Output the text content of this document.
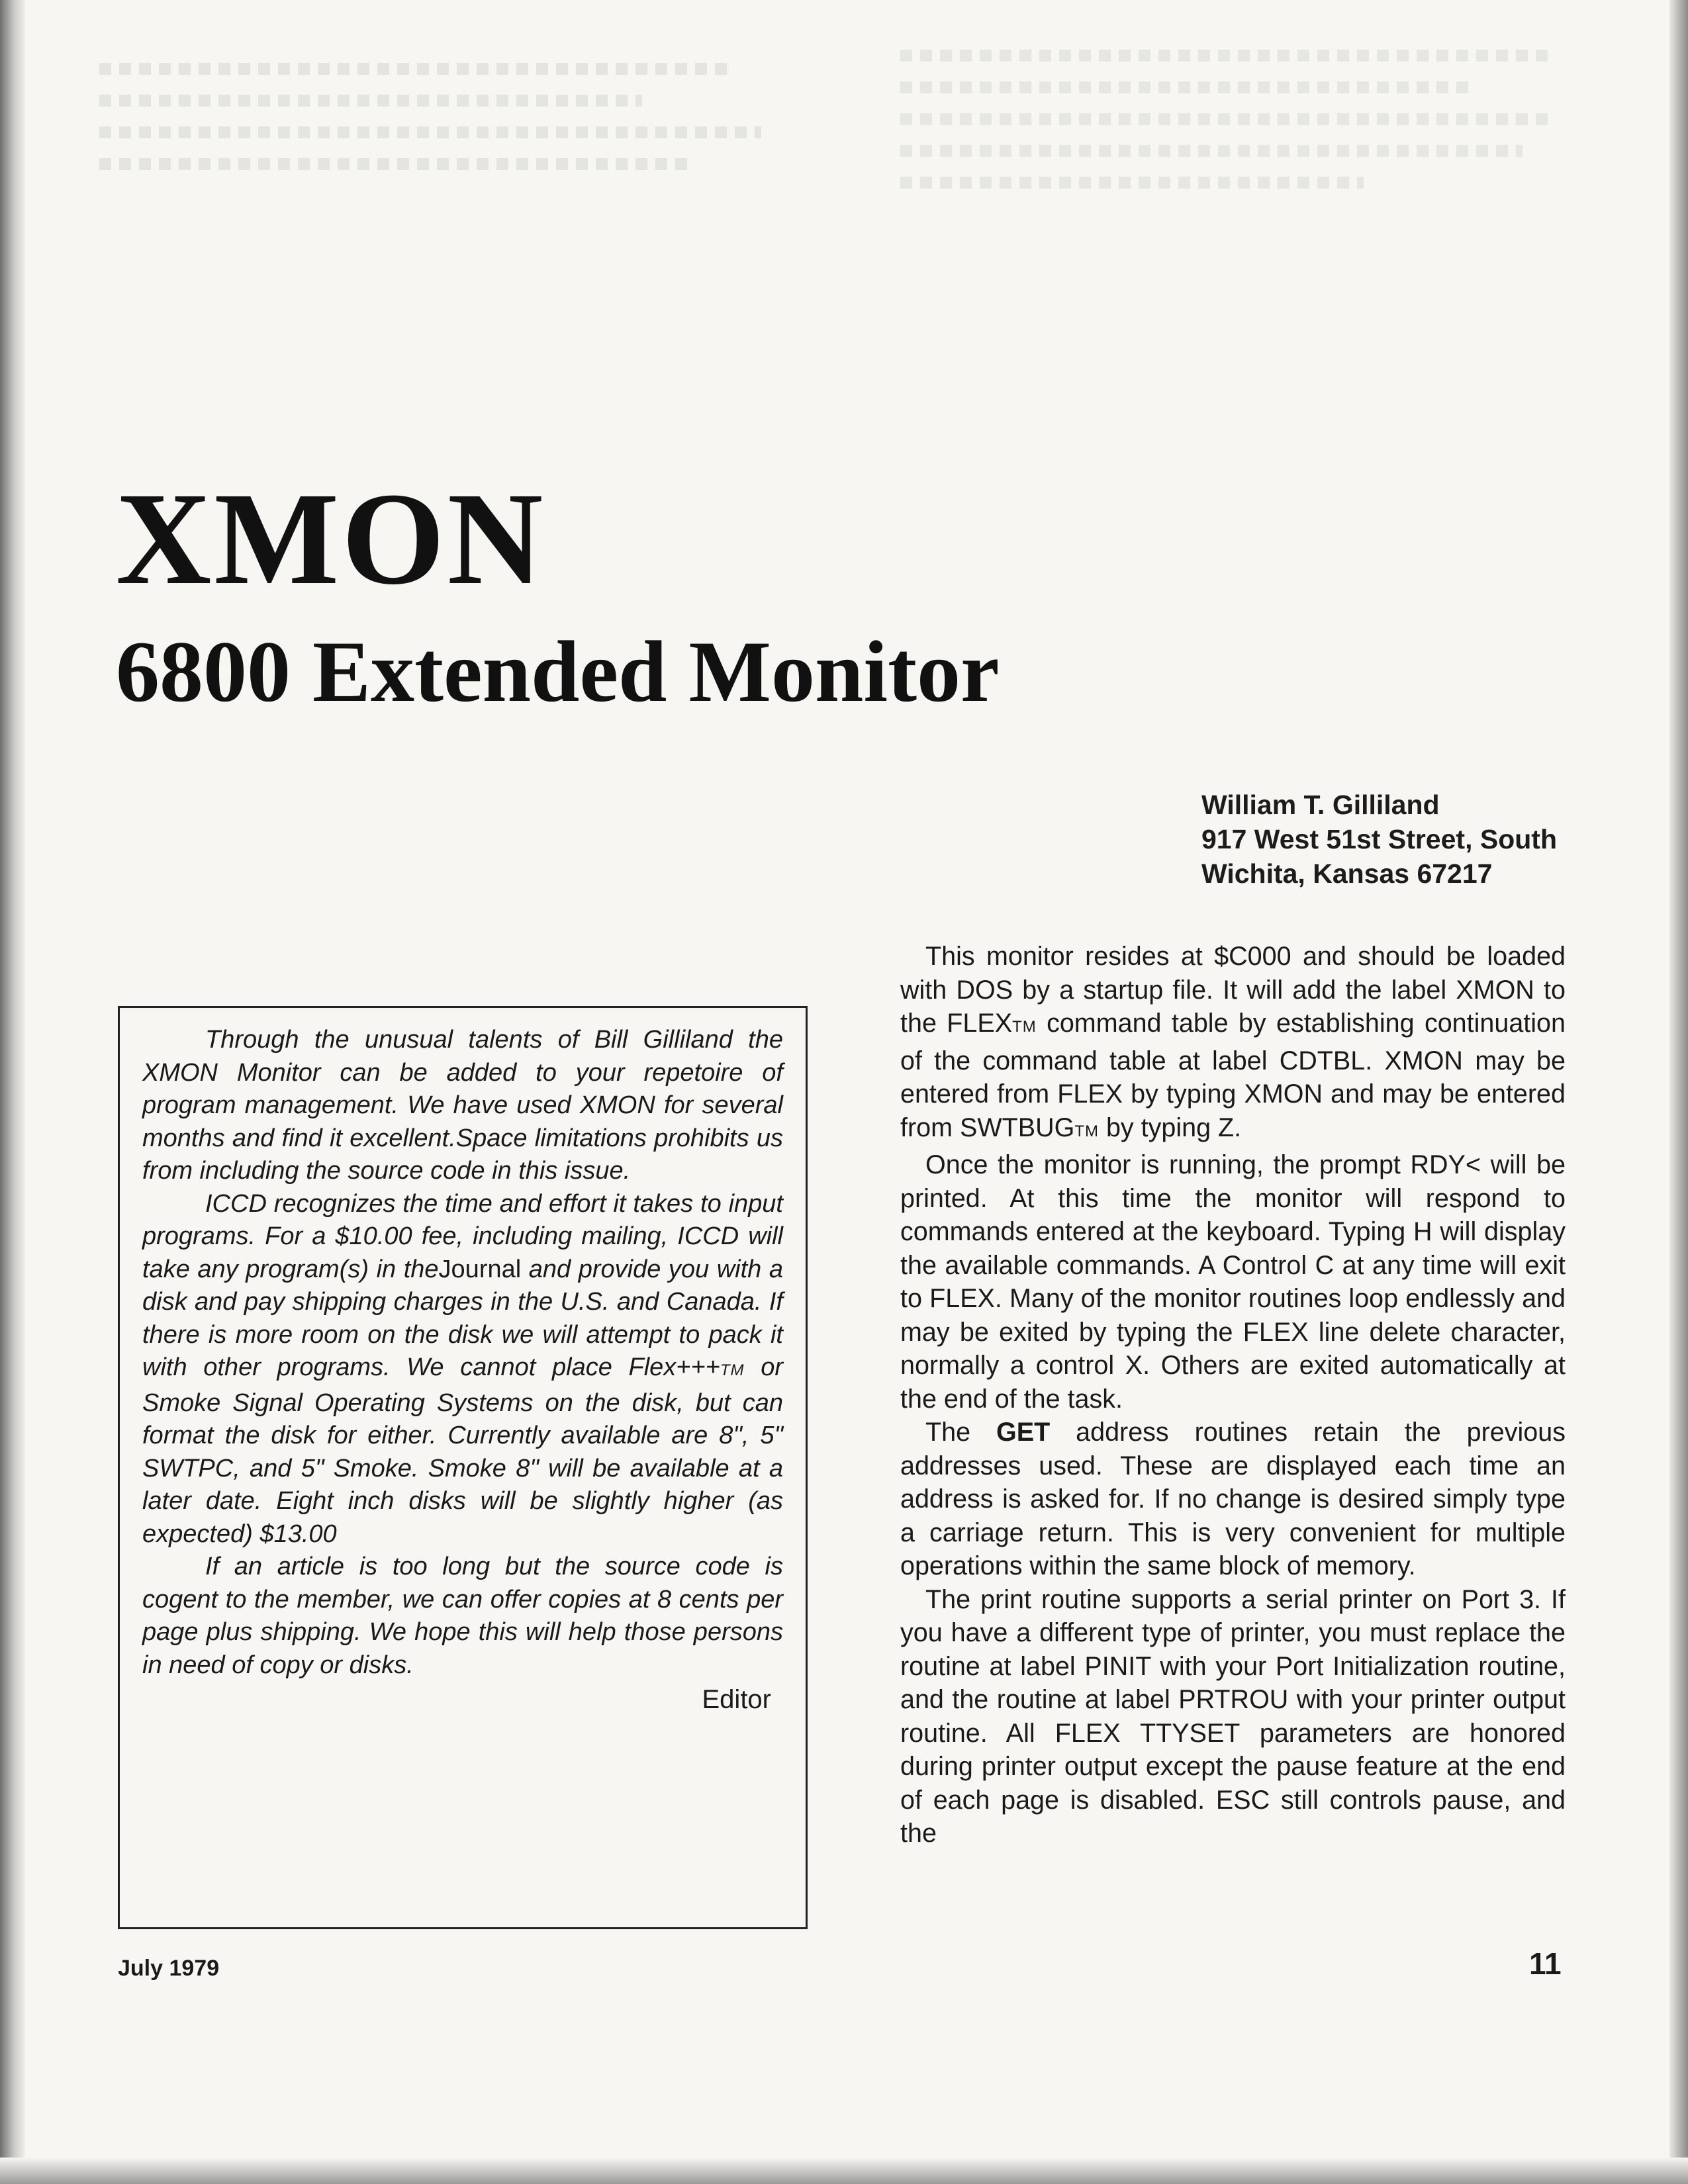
XMON
6800 Extended Monitor
William T. Gilliland
917 West 51st Street, South
Wichita, Kansas 67217

Through the unusual talents of Bill Gilliland the XMON Monitor can be added to your repetoire of program management. We have used XMON for several months and find it excellent.Space limitations prohibits us from including the source code in this issue.

ICCD recognizes the time and effort it takes to input programs. For a $10.00 fee, including mailing, ICCD will take any program(s) in theJournal and provide you with a disk and pay shipping charges in the U.S. and Canada. If there is more room on the disk we will attempt to pack it with other programs. We cannot place Flex+++TM or Smoke Signal Operating Systems on the disk, but can format the disk for either. Currently available are 8", 5" SWTPC, and 5" Smoke. Smoke 8" will be available at a later date. Eight inch disks will be slightly higher (as expected) $13.00

If an article is too long but the source code is cogent to the member, we can offer copies at 8 cents per page plus shipping. We hope this will help those persons in need of copy or disks.

Editor

This monitor resides at $C000 and should be loaded with DOS by a startup file. It will add the label XMON to the FLEXTM command table by establishing continuation of the command table at label CDTBL. XMON may be entered from FLEX by typing XMON and may be entered from SWTBUGTM by typing Z.

Once the monitor is running, the prompt RDY< will be printed. At this time the monitor will respond to commands entered at the keyboard. Typing H will display the available commands. A Control C at any time will exit to FLEX. Many of the monitor routines loop endlessly and may be exited by typing the FLEX line delete character, normally a control X. Others are exited automatically at the end of the task.

The GET address routines retain the previous addresses used. These are displayed each time an address is asked for. If no change is desired simply type a carriage return. This is very convenient for multiple operations within the same block of memory.

The print routine supports a serial printer on Port 3. If you have a different type of printer, you must replace the routine at label PINIT with your Port Initialization routine, and the routine at label PRTROU with your printer output routine. All FLEX TTYSET parameters are honored during printer output except the pause feature at the end of each page is disabled. ESC still controls pause, and the

July 1979	11
